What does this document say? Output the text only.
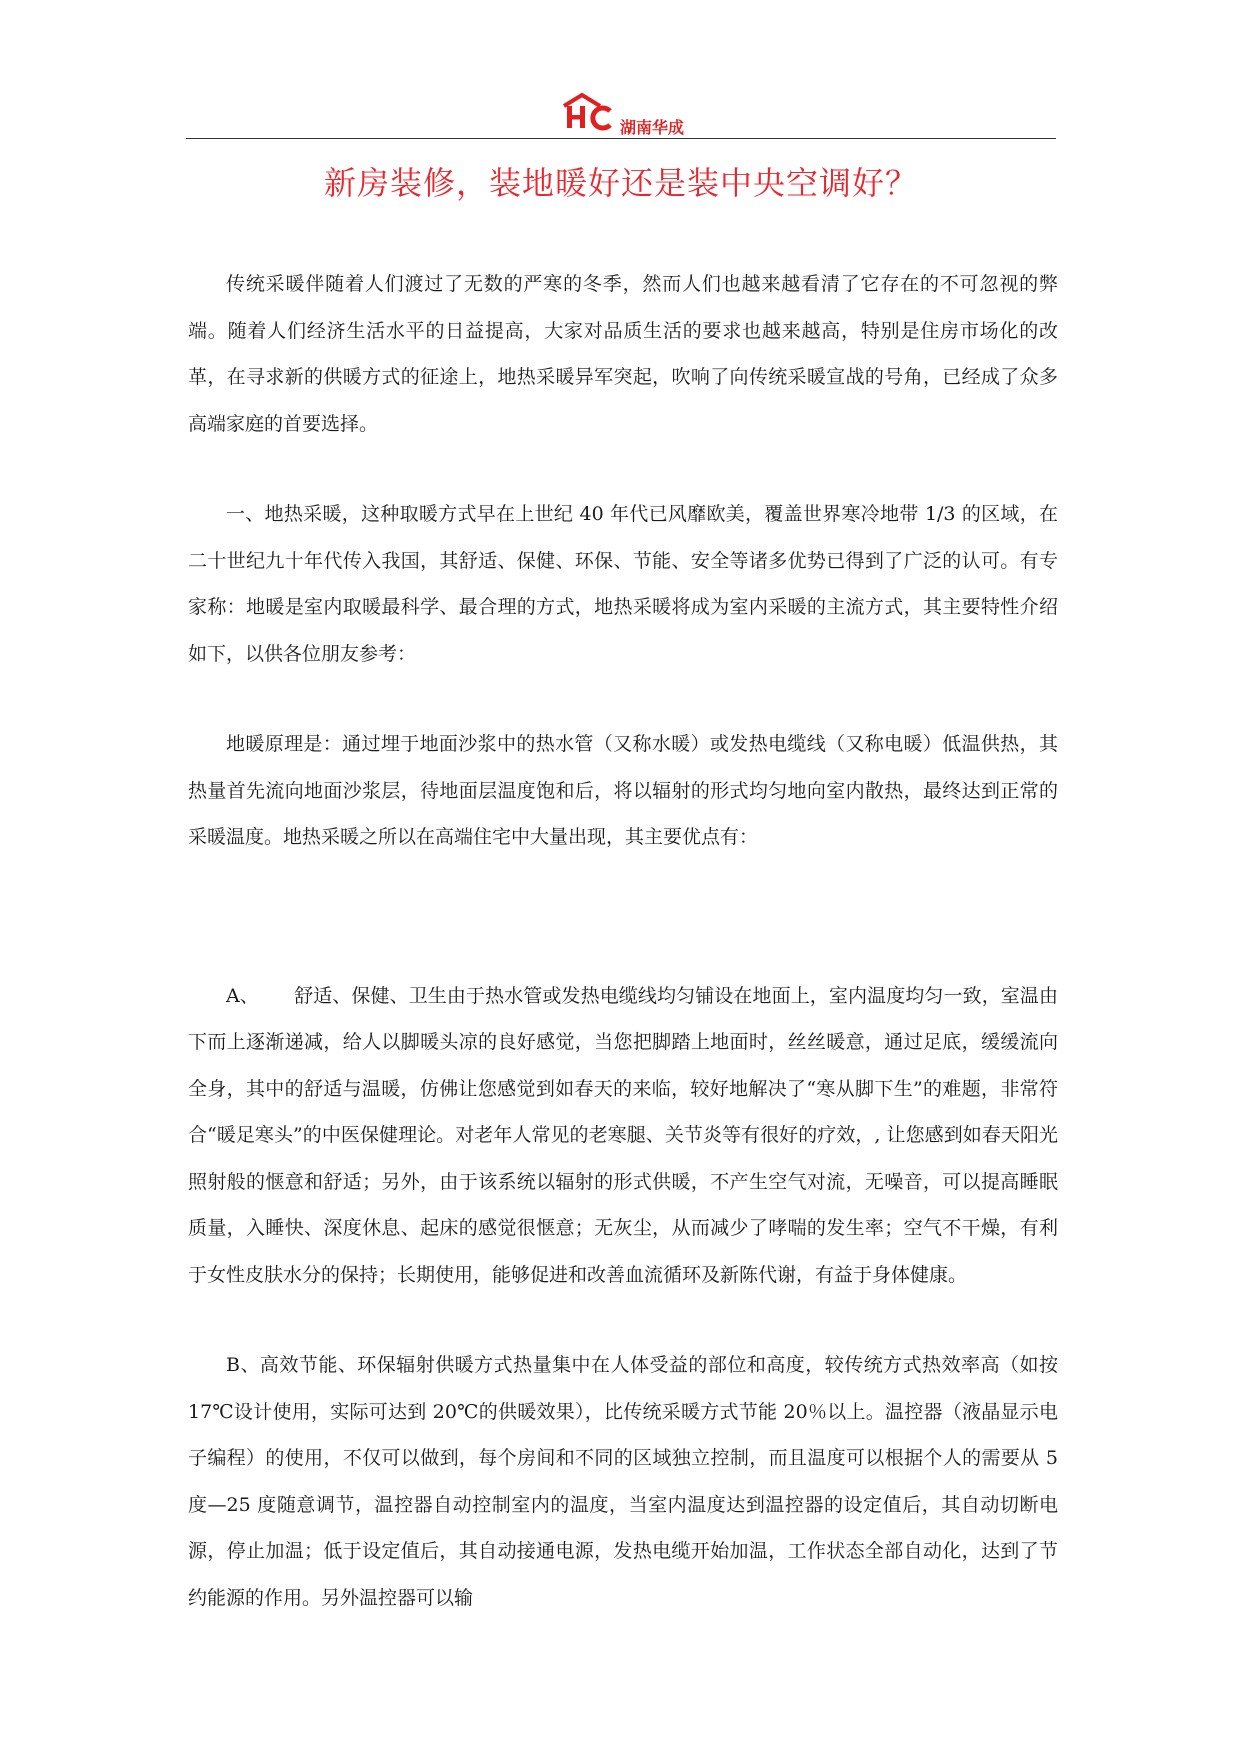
湖南华成
新房装修，装地暖好还是装中央空调好？

传统采暖伴随着人们渡过了无数的严寒的冬季，然而人们也越来越看清了它存在的不可忽视的弊端。随着人们经济生活水平的日益提高，大家对品质生活的要求也越来越高，特别是住房市场化的改革，在寻求新的供暖方式的征途上，地热采暖异军突起，吹响了向传统采暖宣战的号角，已经成了众多高端家庭的首要选择。

一、地热采暖，这种取暖方式早在上世纪 40 年代已风靡欧美，覆盖世界寒冷地带 1/3 的区域，在二十世纪九十年代传入我国，其舒适、保健、环保、节能、安全等诸多优势已得到了广泛的认可。有专家称：地暖是室内取暖最科学、最合理的方式，地热采暖将成为室内采暖的主流方式，其主要特性介绍如下，以供各位朋友参考：

地暖原理是：通过埋于地面沙浆中的热水管（又称水暖）或发热电缆线（又称电暖）低温供热，其热量首先流向地面沙浆层，待地面层温度饱和后，将以辐射的形式均匀地向室内散热，最终达到正常的采暖温度。地热采暖之所以在高端住宅中大量出现，其主要优点有：

A、 舒适、保健、卫生由于热水管或发热电缆线均匀铺设在地面上，室内温度均匀一致，室温由下而上逐渐递减，给人以脚暖头凉的良好感觉，当您把脚踏上地面时，丝丝暖意，通过足底，缓缓流向全身，其中的舒适与温暖，仿佛让您感觉到如春天的来临，较好地解决了“寒从脚下生”的难题，非常符合“暖足寒头”的中医保健理论。对老年人常见的老寒腿、关节炎等有很好的疗效，, 让您感到如春天阳光照射般的惬意和舒适；另外，由于该系统以辐射的形式供暖，不产生空气对流，无噪音，可以提高睡眠质量，入睡快、深度休息、起床的感觉很惬意；无灰尘，从而减少了哮喘的发生率；空气不干燥，有利于女性皮肤水分的保持；长期使用，能够促进和改善血流循环及新陈代谢，有益于身体健康。

B、高效节能、环保辐射供暖方式热量集中在人体受益的部位和高度，较传统方式热效率高（如按 17℃设计使用，实际可达到 20℃的供暖效果），比传统采暖方式节能 20％以上。温控器（液晶显示电子编程）的使用，不仅可以做到，每个房间和不同的区域独立控制，而且温度可以根据个人的需要从 5 度—25 度随意调节，温控器自动控制室内的温度，当室内温度达到温控器的设定值后，其自动切断电源，停止加温；低于设定值后，其自动接通电源，发热电缆开始加温，工作状态全部自动化，达到了节约能源的作用。另外温控器可以输
